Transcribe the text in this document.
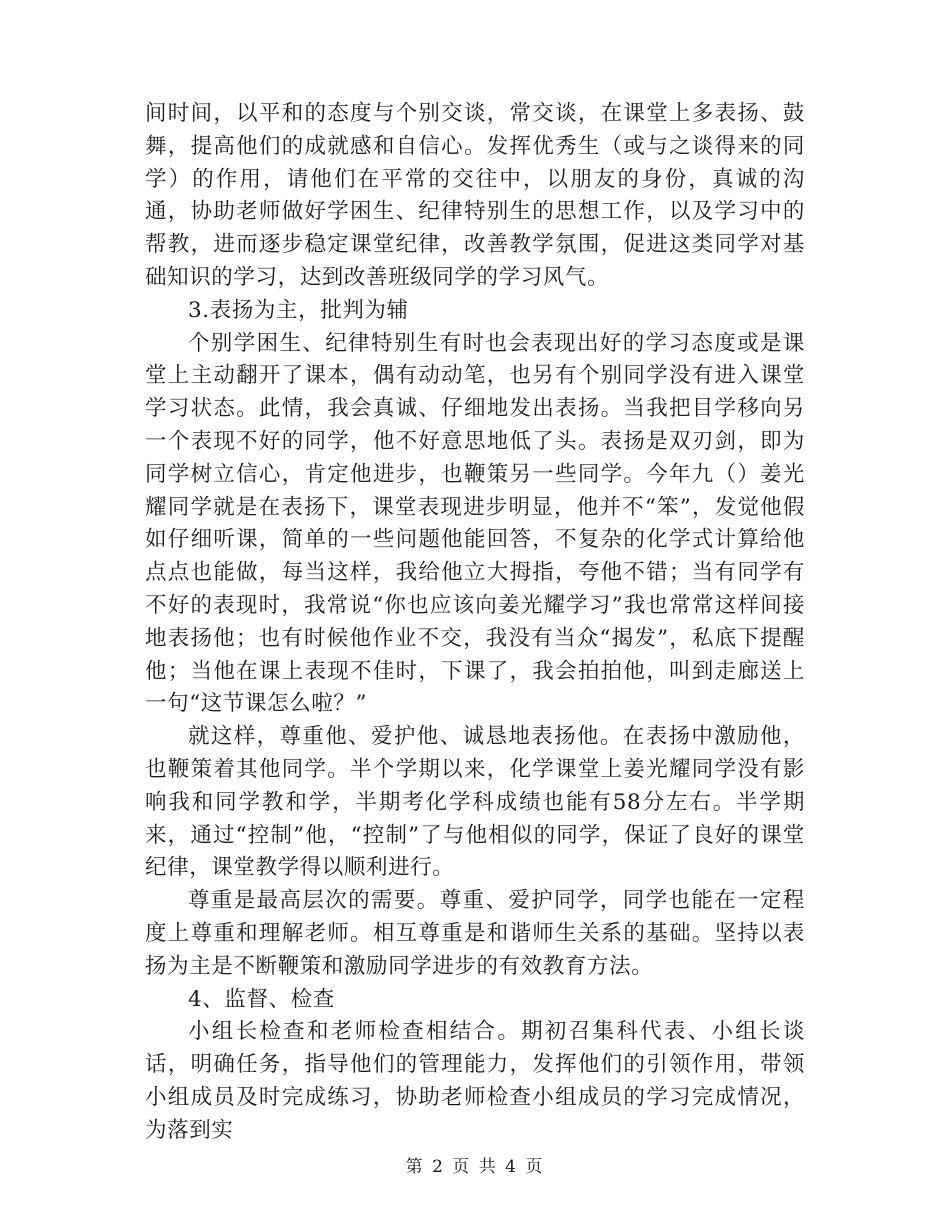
间时间，以平和的态度与个别交谈，常交谈，在课堂上多表扬、鼓舞，提高他们的成就感和自信心。发挥优秀生（或与之谈得来的同学）的作用，请他们在平常的交往中，以朋友的身份，真诚的沟通，协助老师做好学困生、纪律特别生的思想工作，以及学习中的帮教，进而逐步稳定课堂纪律，改善教学氛围，促进这类同学对基础知识的学习，达到改善班级同学的学习风气。

3.表扬为主，批判为辅

个别学困生、纪律特别生有时也会表现出好的学习态度或是课堂上主动翻开了课本，偶有动动笔，也另有个别同学没有进入课堂学习状态。此情，我会真诚、仔细地发出表扬。当我把目学移向另一个表现不好的同学，他不好意思地低了头。表扬是双刃剑，即为同学树立信心，肯定他进步，也鞭策另一些同学。今年九（）姜光耀同学就是在表扬下，课堂表现进步明显，他并不“笨”，发觉他假如仔细听课，简单的一些问题他能回答，不复杂的化学式计算给他点点也能做，每当这样，我给他立大拇指，夸他不错；当有同学有不好的表现时，我常说“你也应该向姜光耀学习”我也常常这样间接地表扬他；也有时候他作业不交，我没有当众“揭发”，私底下提醒他；当他在课上表现不佳时，下课了，我会拍拍他，叫到走廊送上一句“这节课怎么啦？”

就这样，尊重他、爱护他、诚恳地表扬他。在表扬中激励他，也鞭策着其他同学。半个学期以来，化学课堂上姜光耀同学没有影响我和同学教和学，半期考化学科成绩也能有58分左右。半学期来，通过“控制”他，“控制”了与他相似的同学，保证了良好的课堂纪律，课堂教学得以顺利进行。

尊重是最高层次的需要。尊重、爱护同学，同学也能在一定程度上尊重和理解老师。相互尊重是和谐师生关系的基础。坚持以表扬为主是不断鞭策和激励同学进步的有效教育方法。

4、监督、检查

小组长检查和老师检查相结合。期初召集科代表、小组长谈话，明确任务，指导他们的管理能力，发挥他们的引领作用，带领小组成员及时完成练习，协助老师检查小组成员的学习完成情况，为落到实

第 2 页 共 4 页
